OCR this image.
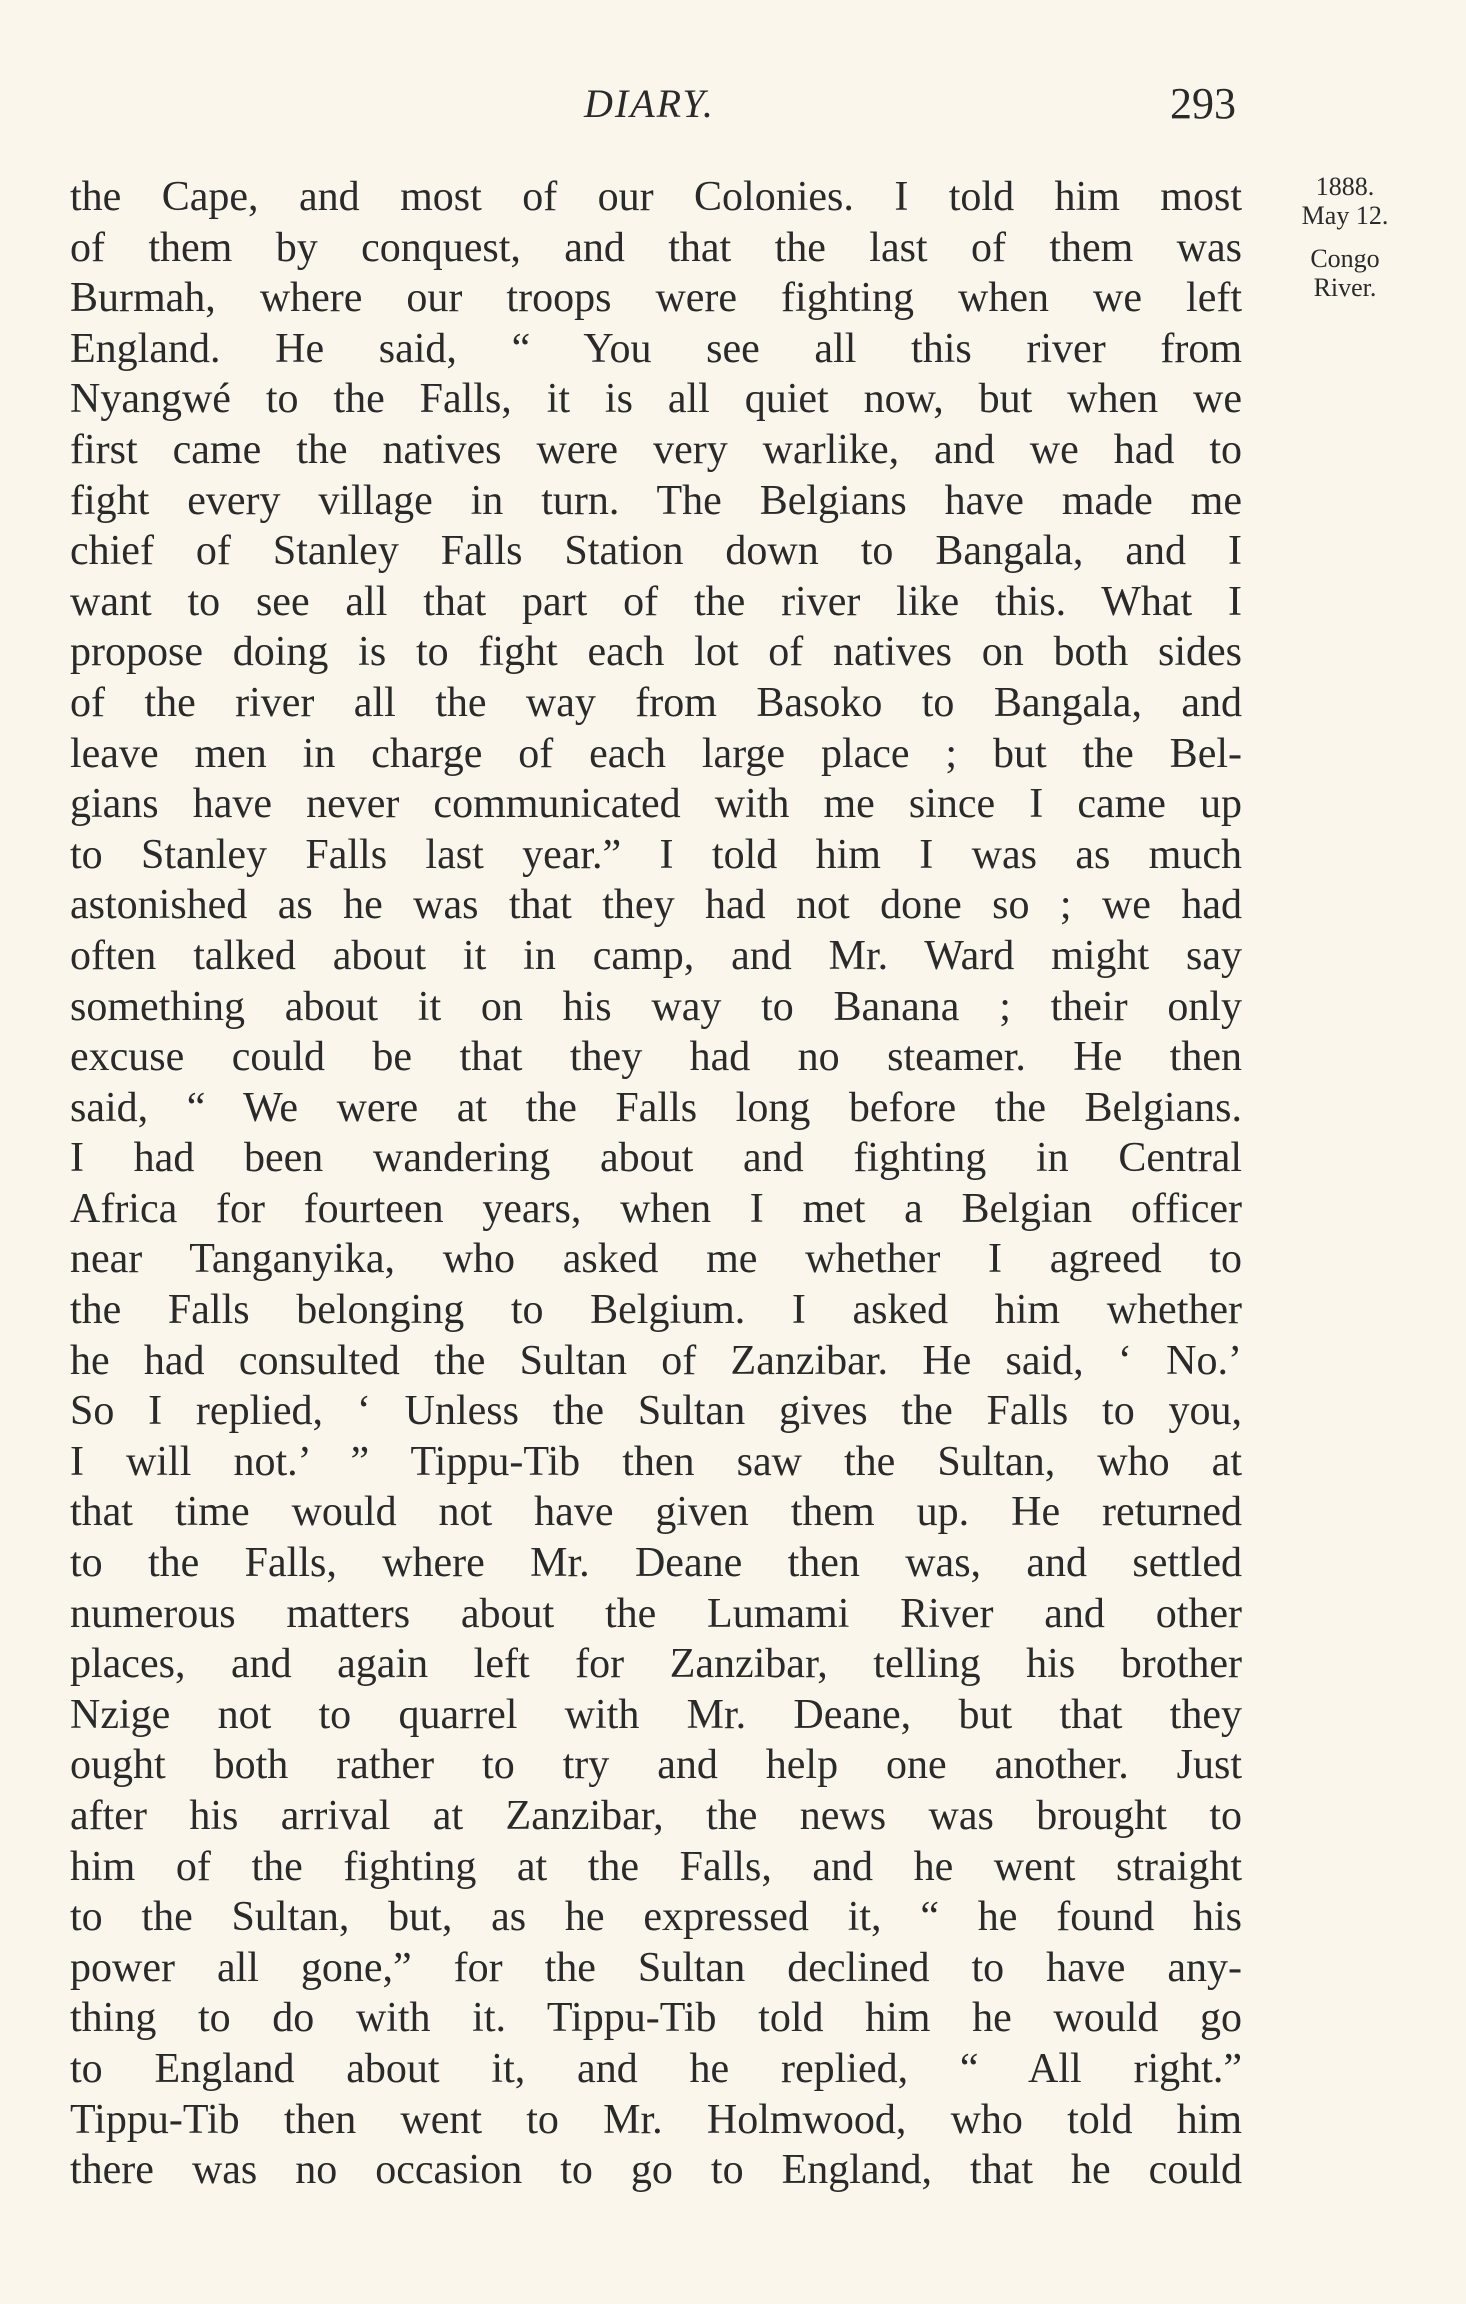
DIARY.	293
1888.
May 12.
Congo
River.
the Cape, and most of our Colonies. I told him most
of them by conquest, and that the last of them was
Burmah, where our troops were fighting when we left
England. He said, “ You see all this river from
Nyangwé to the Falls, it is all quiet now, but when we
first came the natives were very warlike, and we had to
fight every village in turn. The Belgians have made me
chief of Stanley Falls Station down to Bangala, and I
want to see all that part of the river like this. What I
propose doing is to fight each lot of natives on both sides
of the river all the way from Basoko to Bangala, and
leave men in charge of each large place ; but the Bel-
gians have never communicated with me since I came up
to Stanley Falls last year.” I told him I was as much
astonished as he was that they had not done so ; we had
often talked about it in camp, and Mr. Ward might say
something about it on his way to Banana ; their only
excuse could be that they had no steamer. He then
said, “ We were at the Falls long before the Belgians.
I had been wandering about and fighting in Central
Africa for fourteen years, when I met a Belgian officer
near Tanganyika, who asked me whether I agreed to
the Falls belonging to Belgium. I asked him whether
he had consulted the Sultan of Zanzibar. He said, ‘ No.’
So I replied, ‘ Unless the Sultan gives the Falls to you,
I will not.’ ” Tippu-Tib then saw the Sultan, who at
that time would not have given them up. He returned
to the Falls, where Mr. Deane then was, and settled
numerous matters about the Lumami River and other
places, and again left for Zanzibar, telling his brother
Nzige not to quarrel with Mr. Deane, but that they
ought both rather to try and help one another. Just
after his arrival at Zanzibar, the news was brought to
him of the fighting at the Falls, and he went straight
to the Sultan, but, as he expressed it, “ he found his
power all gone,” for the Sultan declined to have any-
thing to do with it. Tippu-Tib told him he would go
to England about it, and he replied, “ All right.”
Tippu-Tib then went to Mr. Holmwood, who told him
there was no occasion to go to England, that he could
